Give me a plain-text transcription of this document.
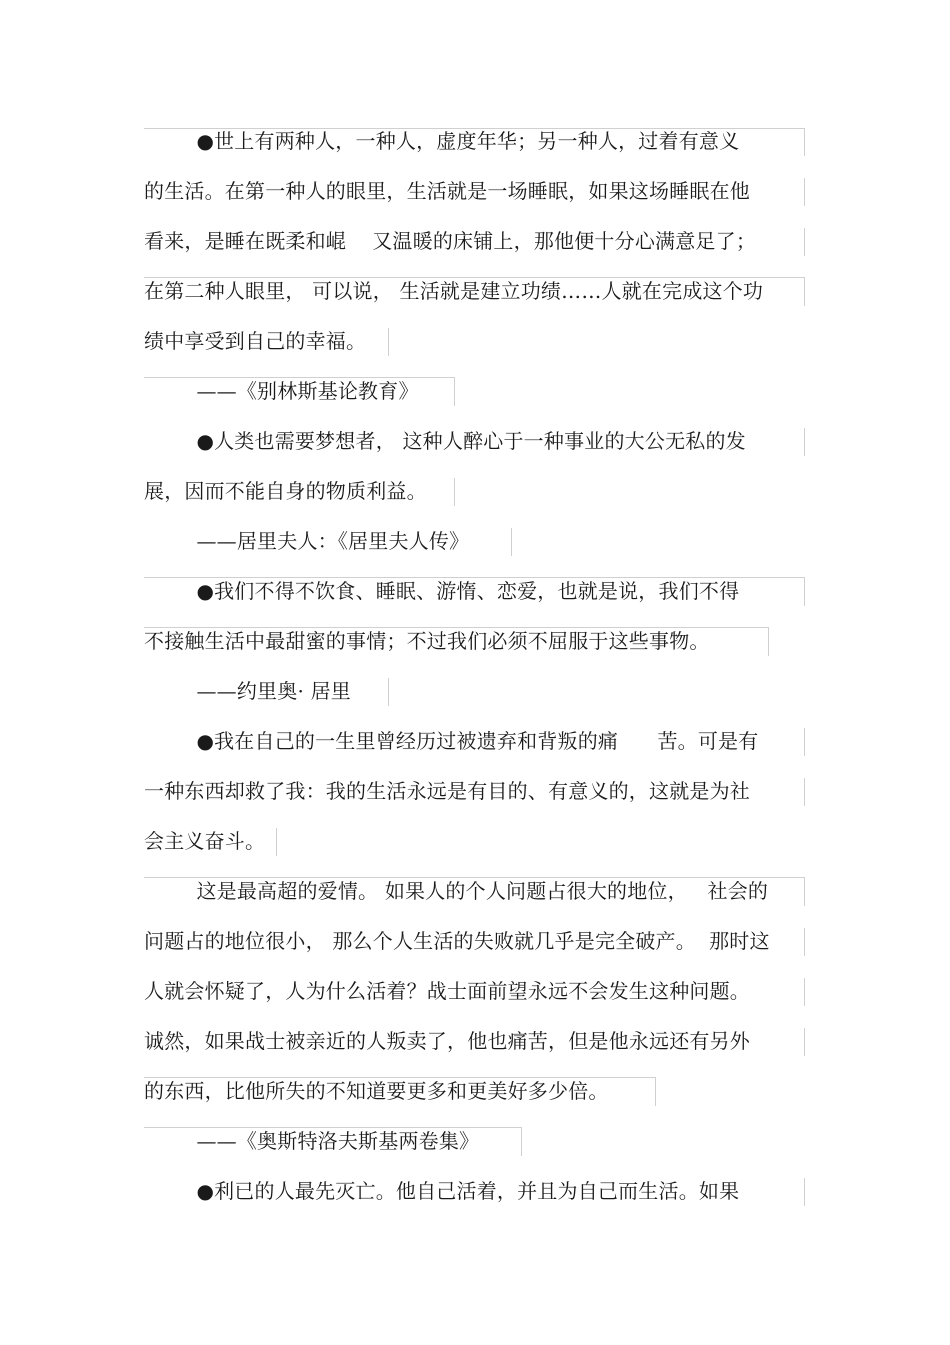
●世上有两种人，一种人，虚度年华；另一种人，过着有意义
的生活。在第一种人的眼里，生活就是一场睡眠，如果这场睡眠在他
看来，是睡在既柔和崐    又温暖的床铺上，那他便十分心满意足了；
在第二种人眼里， 可以说， 生活就是建立功绩……人就在完成这个功
绩中享受到自己的幸福。
——《别林斯基论教育》
●人类也需要梦想者， 这种人醉心于一种事业的大公无私的发
展，因而不能自身的物质利益。
——居里夫人：《居里夫人传》
●我们不得不饮食、睡眠、游惰、恋爱，也就是说，我们不得
不接触生活中最甜蜜的事情；不过我们必须不屈服于这些事物。
——约里奥· 居里
●我在自己的一生里曾经历过被遗弃和背叛的痛      苦。可是有
一种东西却救了我：我的生活永远是有目的、有意义的，这就是为社
会主义奋斗。
这是最高超的爱情。 如果人的个人问题占很大的地位，   社会的
问题占的地位很小， 那么个人生活的失败就几乎是完全破产。  那时这
人就会怀疑了，人为什么活着？战士面前望永远不会发生这种问题。
诚然，如果战士被亲近的人叛卖了，他也痛苦，但是他永远还有另外
的东西，比他所失的不知道要更多和更美好多少倍。
——《奥斯特洛夫斯基两卷集》
●利已的人最先灭亡。他自己活着，并且为自己而生活。如果
